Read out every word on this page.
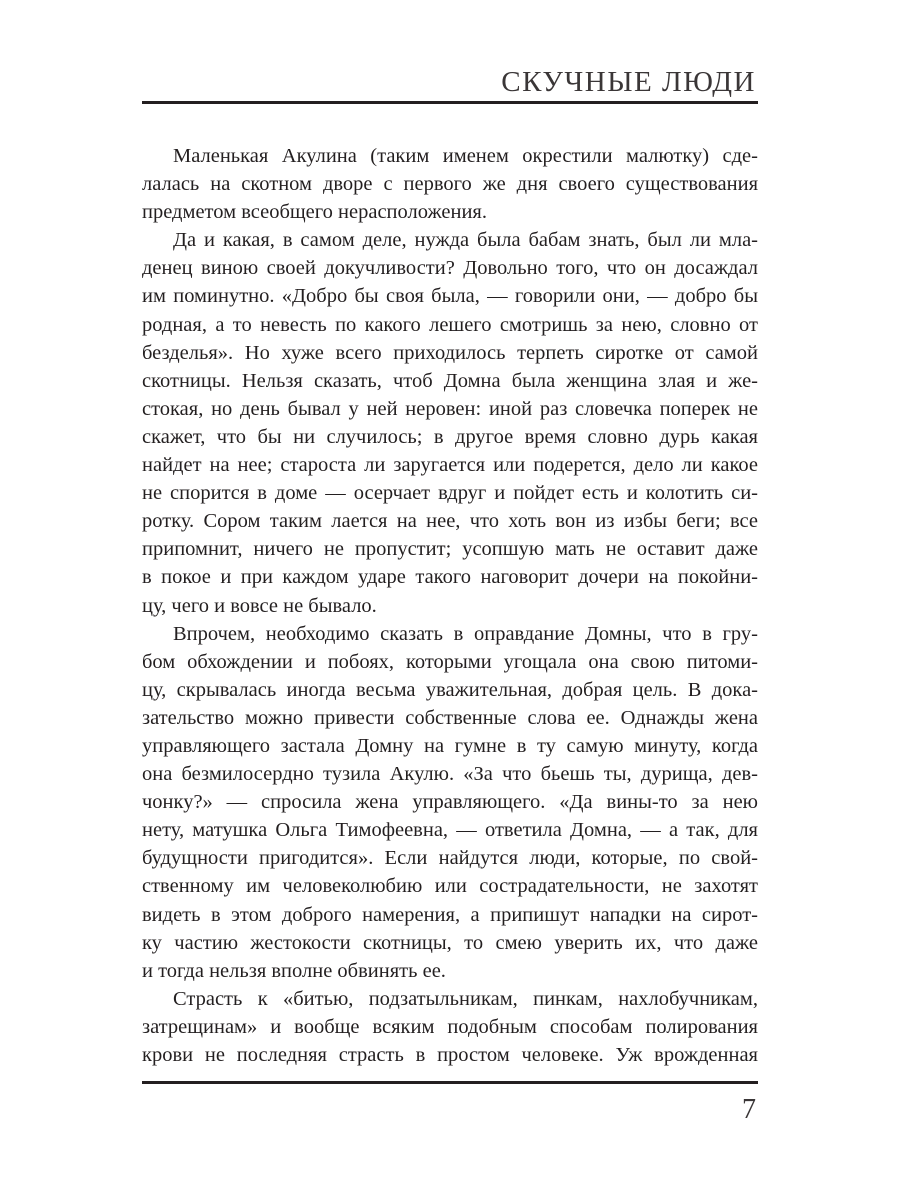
СКУЧНЫЕ ЛЮДИ
Маленькая Акулина (таким именем окрестили малютку) сде-
лалась на скотном дворе с первого же дня своего существования
предметом всеобщего нерасположения.
Да и какая, в самом деле, нужда была бабам знать, был ли мла-
денец виною своей докучливости? Довольно того, что он досаждал
им поминутно. «Добро бы своя была, — говорили они, — добро бы
родная, а то невесть по какого лешего смотришь за нею, словно от
безделья». Но хуже всего приходилось терпеть сиротке от самой
скотницы. Нельзя сказать, чтоб Домна была женщина злая и же-
стокая, но день бывал у ней неровен: иной раз словечка поперек не
скажет, что бы ни случилось; в другое время словно дурь какая
найдет на нее; староста ли заругается или подерется, дело ли какое
не спорится в доме — осерчает вдруг и пойдет есть и колотить си-
ротку. Сором таким лается на нее, что хоть вон из избы беги; все
припомнит, ничего не пропустит; усопшую мать не оставит даже
в покое и при каждом ударе такого наговорит дочери на покойни-
цу, чего и вовсе не бывало.
Впрочем, необходимо сказать в оправдание Домны, что в гру-
бом обхождении и побоях, которыми угощала она свою питоми-
цу, скрывалась иногда весьма уважительная, добрая цель. В дока-
зательство можно привести собственные слова ее. Однажды жена
управляющего застала Домну на гумне в ту самую минуту, когда
она безмилосердно тузила Акулю. «За что бьешь ты, дурища, дев-
чонку?» — спросила жена управляющего. «Да вины-то за нею
нету, матушка Ольга Тимофеевна, — ответила Домна, — а так, для
будущности пригодится». Если найдутся люди, которые, по свой-
ственному им человеколюбию или сострадательности, не захотят
видеть в этом доброго намерения, а припишут нападки на сирот-
ку частию жестокости скотницы, то смею уверить их, что даже
и тогда нельзя вполне обвинять ее.
Страсть к «битью, подзатыльникам, пинкам, нахлобучникам,
затрещинам» и вообще всяким подобным способам полирования
крови не последняя страсть в простом человеке. Уж врожденная
7
